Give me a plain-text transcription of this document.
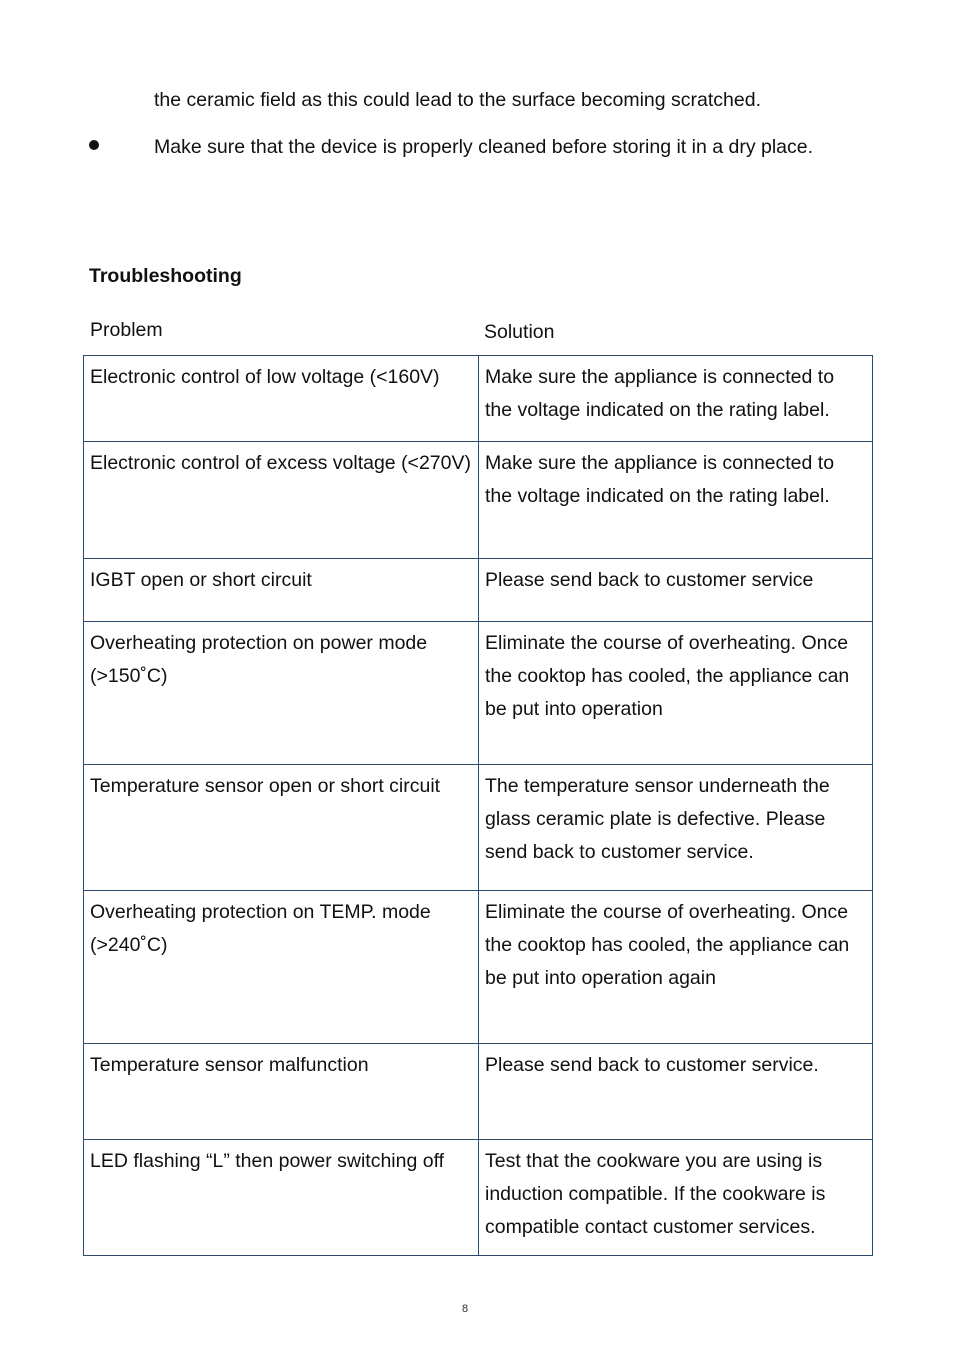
the ceramic field as this could lead to the surface becoming scratched.

Make sure that the device is properly cleaned before storing it in a dry place.

Troubleshooting
Problem	Solution
Electronic control of low voltage (<160V)	Make sure the appliance is connected to the voltage indicated on the rating label.
Electronic control of excess voltage (<270V)	Make sure the appliance is connected to the voltage indicated on the rating label.
IGBT open or short circuit	Please send back to customer service
Overheating protection on power mode (>150˚C)	Eliminate the course of overheating. Once the cooktop has cooled, the appliance can be put into operation
Temperature sensor open or short circuit	The temperature sensor underneath the glass ceramic plate is defective. Please send back to customer service.
Overheating protection on TEMP. mode (>240˚C)	Eliminate the course of overheating. Once the cooktop has cooled, the appliance can be put into operation again
Temperature sensor malfunction	Please send back to customer service.
LED flashing “L” then power switching off	Test that the cookware you are using is induction compatible. If the cookware is compatible contact customer services.
8
